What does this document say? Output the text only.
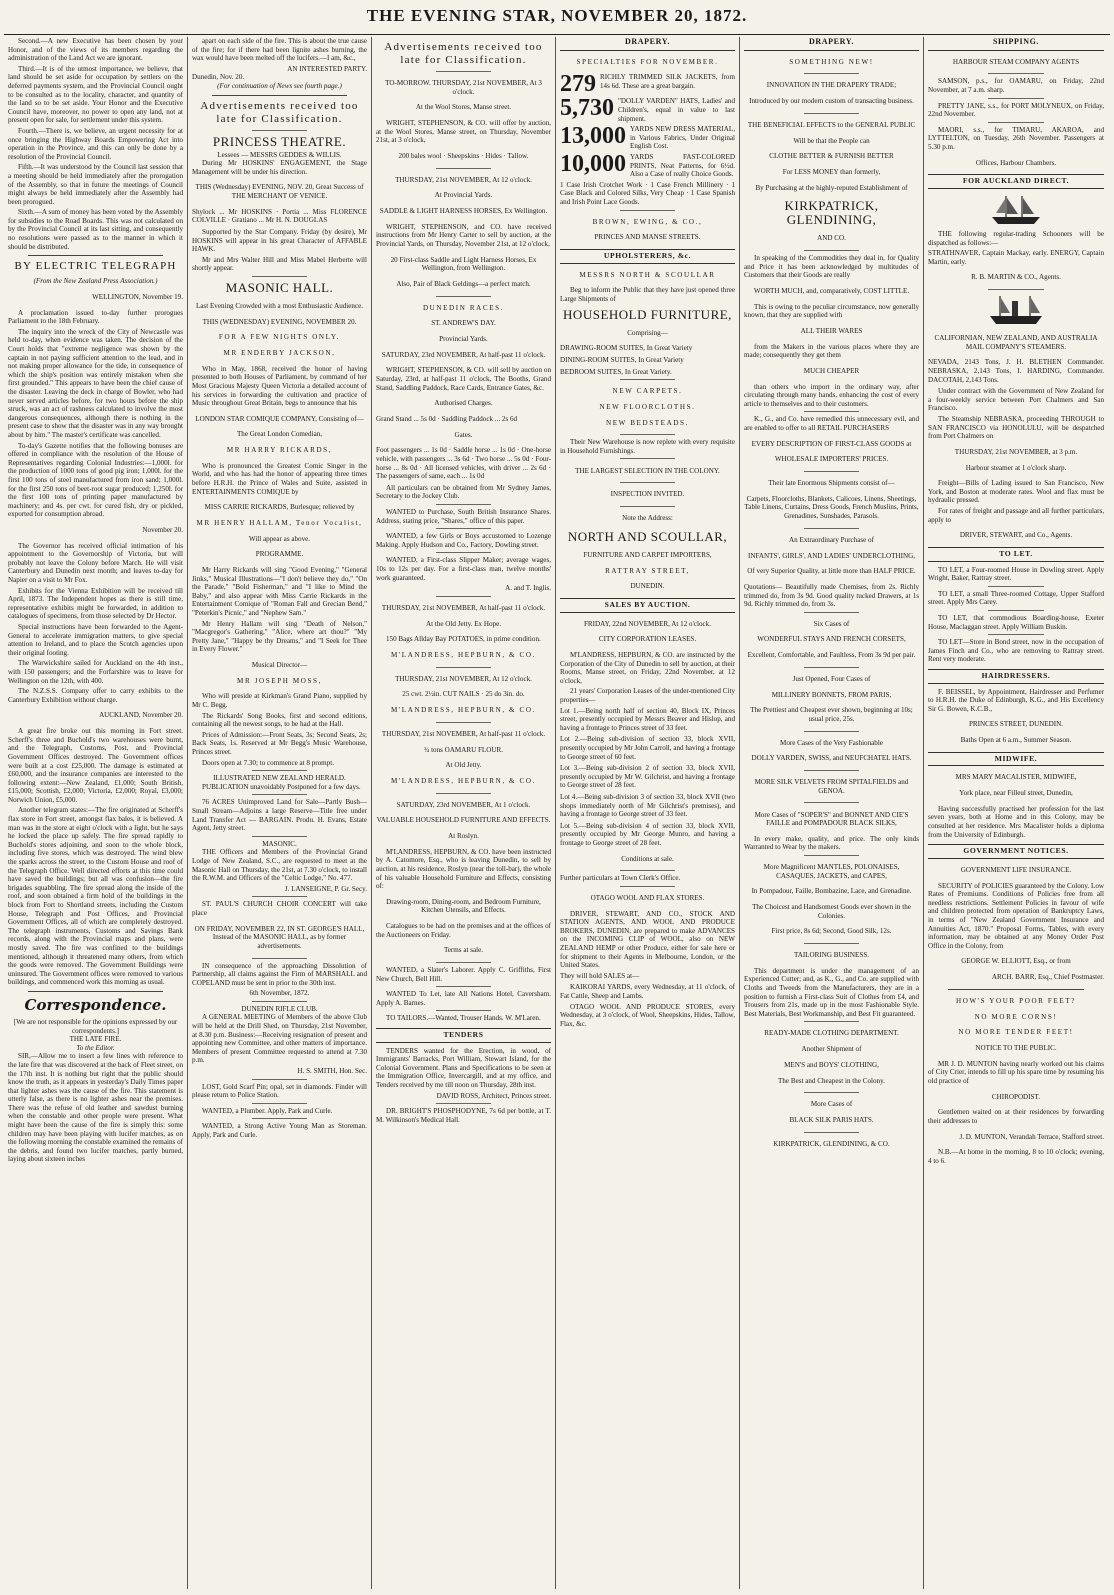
THE EVENING STAR, NOVEMBER 20, 1872.

Second.—A new Executive has been chosen by your Honor, and of the views of its members regarding the administration of the Land Act we are ignorant.

Third.—It is of the utmost importance, we believe, that land should be set aside for occupation by settlers on the deferred payments system, and the Provincial Council ought to be consulted as to the locality, character, and quantity of the land so to be set aside. Your Honor and the Executive Council have, moreover, no power to open any land, not at present open for sale, for settlement under this system.

Fourth.—There is, we believe, an urgent necessity for at once bringing the Highway Boards Empowering Act into operation in the Province, and this can only be done by a resolution of the Provincial Council.

Fifth.—It was understood by the Council last session that a meeting should be held immediately after the prorogation of the Assembly, so that in future the meetings of Council might always be held immediately after the Assembly had been prorogued.

Sixth.—A sum of money has been voted by the Assembly for subsidies to the Road Boards. This was not calculated on by the Provincial Council at its last sitting, and consequently no resolutions were passed as to the manner in which it should be distributed.

BY ELECTRIC TELEGRAPH
(From the New Zealand Press Association.)

WELLINGTON, November 19.

A proclamation issued to-day further prorogues Parliament to the 18th February.

The inquiry into the wreck of the City of Newcastle was held to-day, when evidence was taken. The decision of the Court holds that "extreme negligence was shown by the captain in not paying sufficient attention to the lead, and in not making proper allowance for the tide, in consequence of which the ship's position was entirely mistaken when she first grounded." This appears to have been the chief cause of the disaster. Leaving the deck in charge of Bowler, who had never served articles before, for two hours before the ship struck, was an act of rashness calculated to involve the most dangerous consequences, although there is nothing in the present case to show that the disaster was in any way brought about by him." The master's certificate was cancelled.

To-day's Gazette notifies that the following bonuses are offered in compliance with the resolution of the House of Representatives regarding Colonial Industries:—1,000l. for the production of 1000 tons of good pig iron; 1,000l. for the first 100 tons of steel manufactured from iron sand; 1,000l. for the first 250 tons of beet-root sugar produced; 1,250l. for the first 100 tons of printing paper manufactured by machinery; and 4s. per cwt. for cured fish, dry or pickled, exported for consumption abroad.

November 20.

The Governor has received official intimation of his appointment to the Governorship of Victoria, but will probably not leave the Colony before March. He will visit Canterbury and Dunedin next month; and leaves to-day for Napier on a visit to Mr Fox.

Exhibits for the Vienna Exhibition will be received till April, 1873. The Independent hopes as there is still time, representative exhibits might be forwarded, in addition to catalogues of specimens, from those selected by Dr Hector.

Special instructions have been forwarded to the Agent-General to accelerate immigration matters, to give special attention to Ireland, and to place the Scotch agencies upon their original footing.

The Warwickshire sailed for Auckland on the 4th inst., with 150 passengers; and the Forfarshire was to leave for Wellington on the 12th, with 400.

The N.Z.S.S. Company offer to carry exhibits to the Canterbury Exhibition without charge.

AUCKLAND, November 20.

A great fire broke out this morning in Fort street. Scherff's three and Buchold's two warehouses were burnt, and the Telegraph, Customs, Post, and Provincial Government Offices destroyed. The Government offices were built at a cost £25,000. The damage is estimated at £60,000, and the insurance companies are interested to the following extent:—New Zealand, £1,000; South British, £15,000; Scottish, £2,000; Victoria, £2,000; Royal, £3,000; Norwich Union, £5,000.

Another telegram states:—The fire originated at Scherff's flax store in Fort street, amongst flax bales, it is believed. A man was in the store at eight o'clock with a light, but he says he locked the place up safely. The fire spread rapidly to Buchold's stores adjoining, and soon to the whole block, including five stores, which was destroyed. The wind blew the sparks across the street, to the Custom House and roof of the Telegraph Office. Well directed efforts at this time could have saved the buildings; but all was confusion—the fire brigades squabbling. The fire spread along the inside of the roof, and soon obtained a firm hold of the buildings in the block from Fort to Shortland streets, including the Custom House, Telegraph and Post Offices, and Provincial Government Offices, all of which are completely destroyed. The telegraph instruments, Customs and Savings Bank records, along with the Provincial maps and plans, were mostly saved. The fire was confined to the buildings mentioned, although it threatened many others, from which the goods were removed. The Government Buildings were uninsured. The Government offices were removed to various buildings, and commenced work this morning as usual.

Correspondence.
[We are not responsible for the opinions expressed by our correspondents.]
THE LATE FIRE.
To the Editor.

SIR,—Allow me to insert a few lines with reference to the late fire that was discovered at the back of Fleet street, on the 17th inst. It is nothing but right that the public should know the truth, as it appears in yesterday's Daily Times paper that lighter ashes was the cause of the fire. This statement is utterly false, as there is no lighter ashes near the premises. There was the refuse of old leather and sawdust burning when the constable and other people were present. What might have been the cause of the fire is simply this: some children may have been playing with lucifer matches, as on the following morning the constable examined the remains of the debris, and found two lucifer matches, partly burned, laying about sixteen inches

apart on each side of the fire. This is about the true cause of the fire; for if there had been lignite ashes burning, the wax would have been melted off the lucifers.—I am, &c.,

AN INTERESTED PARTY.
Dunedin, Nov. 20.
(For continuation of News see fourth page.)
Advertisements received too late for Classification.
PRINCESS THEATRE.
Lessees — MESSRS GEDDES & WILLIS.

During Mr HOSKINS' ENGAGEMENT, the Stage Management will be under his direction.

THIS (Wednesday) EVENING, NOV. 20, Great Success of THE MERCHANT OF VENICE.

Shylock ... Mr HOSKINS · Portia ... Miss FLORENCE COLVILLE · Gratiano ... Mr H. N. DOUGLAS

Supported by the Star Company. Friday (by desire), Mr HOSKINS will appear in his great Character of AFFABLE HAWK.

Mr and Mrs Walter Hill and Miss Mabel Herberte will shortly appear.

MASONIC HALL.

Last Evening Crowded with a most Enthusiastic Audience.

THIS (WEDNESDAY) EVENING, NOVEMBER 20.

FOR A FEW NIGHTS ONLY.

MR ENDERBY JACKSON,

Who in May, 1868, received the honor of having presented to both Houses of Parliament, by command of her Most Gracious Majesty Queen Victoria a detailed account of his services in forwarding the cultivation and practice of Music throughout Great Britain, begs to announce that his

LONDON STAR COMIQUE COMPANY, Consisting of—

The Great London Comedian,

MR HARRY RICKARDS,

Who is pronounced the Greatest Comic Singer in the World, and who has had the honor of appearing three times before H.R.H. the Prince of Wales and Suite, assisted in ENTERTAINMENTS COMIQUE by

MISS CARRIE RICKARDS, Burlesque; relieved by

MR HENRY HALLAM, Tenor Vocalist,

Will appear as above.

PROGRAMME.

Mr Harry Rickards will sing "Good Evening," "General Jinks," Musical Illustrations—"I don't believe they do," "On the Parade," "Bold Fisherman," and "I like to Mind the Baby," and also appear with Miss Carrie Rickards in the Entertainment Comique of "Roman Fall and Grecian Bend," "Peterkin's Picnic," and "Nephew Sam."

Mr Henry Hallam will sing "Death of Nelson," "Macgregor's Gathering," "Alice, where art thou?" "My Pretty Jane," "Happy be thy Dreams," and "I Seek for Thee in Every Flower."

Musical Director—

MR JOSEPH MOSS,

Who will preside at Kirkman's Grand Piano, supplied by Mr C. Begg.

The Rickards' Song Books, first and second editions, containing all the newest songs, to be had at the Hall.

Prices of Admission:—Front Seats, 3s; Second Seats, 2s; Back Seats, 1s. Reserved at Mr Begg's Music Warehouse, Princes street.

Doors open at 7.30; to commence at 8 prompt.

ILLUSTRATED NEW ZEALAND HERALD.

PUBLICATION unavoidably Postponed for a few days.

76 ACRES Unimproved Land for Sale—Partly Bush—Small Stream—Adjoins a large Reserve—Title free under Land Transfer Act — BARGAIN. Produ. H. Evans, Estate Agent, Jetty street.

MASONIC.

THE Officers and Members of the Provincial Grand Lodge of New Zealand, S.C., are requested to meet at the Masonic Hall on Thursday, the 21st, at 7.30 o'clock, to install the R.W.M. and Officers of the "Celtic Lodge," No. 477.

J. LANSEIGNE, P. Gr. Secy.

ST. PAUL'S CHURCH CHOIR CONCERT will take place

ON FRIDAY, NOVEMBER 22, IN ST. GEORGE'S HALL, Instead of the MASONIC HALL, as by former advertisements.

IN consequence of the approaching Dissolution of Partnership, all claims against the Firm of MARSHALL and COPELAND must be sent in prior to the 30th inst.

6th November, 1872.
DUNEDIN RIFLE CLUB.

A GENERAL MEETING of Members of the above Club will be held at the Drill Shed, on Thursday, 21st November, at 8.30 p.m. Business:—Receiving resignation of present and appointing new Committee, and other matters of importance. Members of present Committee requested to attend at 7.30 p.m.

H. S. SMITH, Hon. Sec.

LOST, Gold Scarf Pin; opal, set in diamonds. Finder will please return to Police Station.

WANTED, a Plumber. Apply, Park and Curle.

WANTED, a Strong Active Young Man as Storeman. Apply, Park and Curle.

Advertisements received too late for Classification.

TO-MORROW. THURSDAY, 21st NOVEMBER, At 3 o'clock.

At the Wool Stores, Manse street.

WRIGHT, STEPHENSON, & CO. will offer by auction, at the Wool Stores, Manse street, on Thursday, November 21st, at 3 o'clock,

200 bales wool · Sheepskins · Hides · Tallow.

THURSDAY, 21st NOVEMBER, At 12 o'clock.

At Provincial Yards.

SADDLE & LIGHT HARNESS HORSES, Ex Wellington.

WRIGHT, STEPHENSON, and CO. have received instructions from Mr Henry Carter to sell by auction, at the Provincial Yards, on Thursday, November 21st, at 12 o'clock,

20 First-class Saddle and Light Harness Horses, Ex Wellington, from Wellington.

Also, Pair of Black Geldings—a perfect match.

DUNEDIN RACES.

ST. ANDREW'S DAY.

Provincial Yards.

SATURDAY, 23rd NOVEMBER, At half-past 11 o'clock.

WRIGHT, STEPHENSON, & CO. will sell by auction on Saturday, 23rd, at half-past 11 o'clock, The Booths, Grand Stand, Saddling Paddock, Race Cards, Entrance Gates, &c.

Authorised Charges.

Grand Stand ... 5s 0d · Saddling Paddock ... 2s 6d

Gates.

Foot passengers ... 1s 0d · Saddle horse ... 1s 0d · One-horse vehicle, with passengers ... 3s 6d · Two horse ... 5s 0d · Four-horse ... 8s 0d · All licensed vehicles, with driver ... 2s 6d · The passengers of same, each ... 1s 0d

All particulars can be obtained from Mr Sydney James, Secretary to the Jockey Club.

WANTED to Purchase, South British Insurance Shares. Address, stating price, "Shares," office of this paper.

WANTED, a few Girls or Boys accustomed to Lozenge Making. Apply Hudson and Co., Factory, Dowling street.

WANTED, a First-class Slipper Maker; average wages, 10s to 12s per day. For a first-class man, twelve months' work guaranteed.

A. and T. Inglis.

THURSDAY, 21st NOVEMBER, At half-past 11 o'clock.

At the Old Jetty. Ex Hope.

150 Bags Allday Bay POTATOES, in prime condition.

M'LANDRESS, HEPBURN, & CO.

THURSDAY, 21st NOVEMBER, At 12 o'clock.

25 cwt. 2½in. CUT NAILS · 25 do 3in. do.

M'LANDRESS, HEPBURN, & CO.

THURSDAY, 21st NOVEMBER, At half-past 11 o'clock.

¾ tons OAMARU FLOUR.

At Old Jetty.

M'LANDRESS, HEPBURN, & CO.

SATURDAY, 23rd NOVEMBER, At 1 o'clock.

VALUABLE HOUSEHOLD FURNITURE AND EFFECTS.

At Roslyn.

M'LANDRESS, HEPBURN, & CO. have been instructed by A. Catomore, Esq., who is leaving Dunedin, to sell by auction, at his residence, Roslyn (near the toll-bar), the whole of his valuable Household Furniture and Effects, consisting of:

Drawing-room, Dining-room, and Bedroom Furniture, Kitchen Utensils, and Effects.

Catalogues to be had on the premises and at the offices of the Auctioneers on Friday.

Terms at sale.

WANTED, a Slater's Laborer. Apply C. Griffiths, First New Church, Bell Hill.

WANTED To Let, late All Nations Hotel, Caversham. Apply A. Barnes.

TO TAILORS.—Wanted, Trouser Hands. W. M'Laren.

TENDERS

TENDERS wanted for the Erection, in wood, of Immigrants' Barracks, Port William, Stewart Island, for the Colonial Government. Plans and Specifications to be seen at the Immigration Office, Invercargill, and at my office, and Tenders received by me till noon on Thursday, 28th inst.

DAVID ROSS, Architect, Princes street.

DR. BRIGHT'S PHOSPHODYNE, 7s 6d per bottle, at T. M. Wilkinson's Medical Hall.

DRAPERY.

SPECIALTIES FOR NOVEMBER.

279 RICHLY TRIMMED SILK JACKETS, from 14s 6d. These are a great bargain.
5,730 "DOLLY VARDEN" HATS, Ladies' and Children's, equal in value to last shipment.
13,000 YARDS NEW DRESS MATERIAL, in Various Fabrics, Under Original English Cost.
10,000 YARDS FAST-COLORED PRINTS, Neat Patterns, for 6½d. Also a Case of really Choice Goods.

1 Case Irish Crotchet Work · 1 Case French Millinery · 1 Case Black and Colored Silks, Very Cheap · 1 Case Spanish and Irish Point Lace Goods.

BROWN, EWING, & CO.,

PRINCES AND MANSE STREETS.

UPHOLSTERERS, &c.

MESSRS NORTH & SCOULLAR

Beg to inform the Public that they have just opened three Large Shipments of

HOUSEHOLD FURNITURE,

Comprising—

DRAWING-ROOM SUITES, In Great Variety

DINING-ROOM SUITES, In Great Variety

BEDROOM SUITES, In Great Variety.

NEW CARPETS.

NEW FLOORCLOTHS.

NEW BEDSTEADS.

Their New Warehouse is now replete with every requisite in Household Furnishings.

THE LARGEST SELECTION IN THE COLONY.

INSPECTION INVITED.

Note the Address:

NORTH AND SCOULLAR,

FURNITURE AND CARPET IMPORTERS,

RATTRAY STREET,

DUNEDIN.

SALES BY AUCTION.

FRIDAY, 22nd NOVEMBER, At 12 o'clock.

CITY CORPORATION LEASES.

M'LANDRESS, HEPBURN, & CO. are instructed by the Corporation of the City of Dunedin to sell by auction, at their Rooms, Manse street, on Friday, 22nd November, at 12 o'clock,

21 years' Corporation Leases of the under-mentioned City properties—

Lot 1.—Being north half of section 40, Block IX, Princes street, presently occupied by Messrs Beaver and Hislop, and having a frontage to Princes street of 33 feet.

Lot 2.—Being sub-division of section 33, block XVII, presently occupied by Mr John Carroll, and having a frontage to George street of 60 feet.

Lot 3.—Being sub-division 2 of section 33, block XVII, presently occupied by Mr W. Gilchrist, and having a frontage to George street of 28 feet.

Lot 4.—Being sub-division 3 of section 33, block XVII (two shops immediately north of Mr Gilchrist's premises), and having a frontage to George street of 33 feet.

Lot 5.—Being sub-division 4 of section 33, block XVII, presently occupied by Mr George Munro, and having a frontage to George street of 28 feet.

Conditions at sale.

Further particulars at Town Clerk's Office.

OTAGO WOOL AND FLAX STORES.

DRIVER, STEWART, AND CO., STOCK AND STATION AGENTS, AND WOOL AND PRODUCE BROKERS, DUNEDIN, are prepared to make ADVANCES on the INCOMING CLIP of WOOL, also on NEW ZEALAND HEMP or other Produce, either for sale here or for shipment to their Agents in Melbourne, London, or the United States.

They will hold SALES at—

KAIKORAI YARDS, every Wednesday, at 11 o'clock, of Fat Cattle, Sheep and Lambs.

OTAGO WOOL AND PRODUCE STORES, every Wednesday, at 3 o'clock, of Wool, Sheepskins, Hides, Tallow, Flax, &c.

DRAPERY.

SOMETHING NEW!

INNOVATION IN THE DRAPERY TRADE;

Introduced by our modern custom of transacting business.

THE BENEFICIAL EFFECTS to the GENERAL PUBLIC

Will be that the People can

CLOTHE BETTER & FURNISH BETTER

For LESS MONEY than formerly,

By Purchasing at the highly-reputed Establishment of

KIRKPATRICK, GLENDINING,

AND CO.

In speaking of the Commodities they deal in, for Quality and Price it has been acknowledged by multitudes of Customers that their Goods are really

WORTH MUCH, and, comparatively, COST LITTLE.

This is owing to the peculiar circumstance, now generally known, that they are supplied with

ALL THEIR WARES

from the Makers in the various places where they are made; consequently they get them

MUCH CHEAPER

than others who import in the ordinary way, after circulating through many hands, enhancing the cost of every article to themselves and to their customers.

K., G., and Co. have remedied this unnecessary evil, and are enabled to offer to all RETAIL PURCHASERS

EVERY DESCRIPTION OF FIRST-CLASS GOODS at

WHOLESALE IMPORTERS' PRICES.

Their late Enormous Shipments consist of—

Carpets, Floorcloths, Blankets, Calicoes, Linens, Sheetings, Table Linens, Curtains, Dress Goods, French Muslins, Prints, Grenadines, Sunshades, Parasols.

An Extraordinary Purchase of

INFANTS', GIRLS', AND LADIES' UNDERCLOTHING,

Of very Superior Quality, at little more than HALF PRICE.

Quotations— Beautifully made Chemises, from 2s. Richly trimmed do, from 3s 9d. Good quality tucked Drawers, at 1s 9d. Richly trimmed do, from 3s.

Six Cases of

WONDERFUL STAYS AND FRENCH CORSETS,

Excellent, Comfortable, and Faultless, From 3s 9d per pair.

Just Opened, Four Cases of

MILLINERY BONNETS, FROM PARIS,

The Prettiest and Cheapest ever shown, beginning at 10s; usual price, 25s.

More Cases of the Very Fashionable

DOLLY VARDEN, SWISS, and NEUFCHATEL HATS.

MORE SILK VELVETS FROM SPITALFIELDS and GENOA.

More Cases of "SOPER'S" and BONNET AND CIE'S FAILLE and POMPADOUR BLACK SILKS,

In every make, quality, and price. The only kinds Warranted to Wear by the makers.

More Magnificent MANTLES, POLONAISES, CASAQUES, JACKETS, and CAPES,

In Pompadour, Faille, Bombazine, Lace, and Grenadine.

The Choicest and Handsomest Goods ever shown in the Colonies.

First price, 8s 6d; Second, Good Silk, 12s.

TAILORING BUSINESS.

This department is under the management of an Experienced Cutter; and, as K., G., and Co. are supplied with Cloths and Tweeds from the Manufacturers, they are in a position to furnish a First-class Suit of Clothes from £4, and Trousers from 21s, made up in the most Fashionable Style. Best Materials, Best Workmanship, and Best Fit guaranteed.

READY-MADE CLOTHING DEPARTMENT.

Another Shipment of

MEN'S and BOYS' CLOTHING,

The Best and Cheapest in the Colony.

More Cases of

BLACK SILK PARIS HATS.

KIRKPATRICK, GLENDINING, & CO.

SHIPPING.

HARBOUR STEAM COMPANY AGENTS

SAMSON, p.s., for OAMARU, on Friday, 22nd November, at 7 a.m. sharp.

PRETTY JANE, s.s., for PORT MOLYNEUX, on Friday, 22nd November.

MAORI, s.s., for TIMARU, AKAROA, and LYTTELTON, on Tuesday, 26th November. Passengers at 5.30 p.m.

Offices, Harbour Chambers.

FOR AUCKLAND DIRECT.

THE following regular-trading Schooners will be dispatched as follows:—

STRATHNAVER, Captain Mackay, early. ENERGY, Captain Martin, early.

R. B. MARTIN & CO., Agents.

CALIFORNIAN, NEW ZEALAND, AND AUSTRALIA MAIL COMPANY'S STEAMERS.

NEVADA, 2143 Tons, J. H. BLETHEN Commander. NEBRASKA, 2,143 Tons, I. HARDING, Commander. DACOTAH, 2,143 Tons.

Under contract with the Government of New Zealand for a four-weekly service between Port Chalmers and San Francisco.

The Steamship NEBRASKA, proceeding THROUGH to SAN FRANCISCO via HONOLULU, will be despatched from Port Chalmers on

THURSDAY, 21st NOVEMBER, at 3 p.m.

Harbour steamer at 1 o'clock sharp.

Freight—Bills of Lading issued to San Francisco, New York, and Boston at moderate rates. Wool and flax must be hydraulic pressed.

For rates of freight and passage and all further particulars, apply to

DRIVER, STEWART, and Co., Agents.

TO LET.

TO LET, a Four-roomed House in Dowling street. Apply Wright, Baker, Rattray street.

TO LET, a small Three-roomed Cottage, Upper Stafford street. Apply Mrs Carey.

TO LET, that commodious Boarding-house, Exeter House, Maclaggan street. Apply William Buskin.

TO LET—Store in Bond street, now in the occupation of James Finch and Co., who are removing to Rattray street. Rent very moderate.

HAIRDRESSERS.

F. BEISSEL, by Appointment, Hairdresser and Perfumer to H.R.H. the Duke of Edinburgh, K.G., and His Excellency Sir G. Bowen, K.C.B.,

PRINCES STREET, DUNEDIN.

Baths Open at 6 a.m., Summer Season.

MIDWIFE.

MRS MARY MACALISTER, MIDWIFE,

York place, near Filleul street, Dunedin,

Having successfully practised her profession for the last seven years, both at Home and in this Colony, may be consulted at her residence. Mrs Macalister holds a diploma from the University of Edinburgh.

GOVERNMENT NOTICES.

GOVERNMENT LIFE INSURANCE.

SECURITY of POLICIES guaranteed by the Colony. Low Rates of Premiums. Conditions of Policies free from all needless restrictions. Settlement Policies in favour of wife and children protected from operation of Bankruptcy Laws, in terms of "New Zealand Government Insurance and Annuities Act, 1870." Proposal Forms, Tables, with every information, may be obtained at any Money Order Post Office in the Colony, from

GEORGE W. ELLIOTT, Esq., or from

ARCH. BARR, Esq., Chief Postmaster.

HOW'S YOUR POOR FEET?

NO MORE CORNS!

NO MORE TENDER FEET!

NOTICE TO THE PUBLIC.

MR J. D. MUNTON having nearly worked out his claims of City Crier, intends to fill up his spare time by resuming his old practice of

CHIROPODIST.

Gentlemen waited on at their residences by forwarding their addresses to

J. D. MUNTON, Verandah Terrace, Stafford street.

N.B.—At home in the morning, 8 to 10 o'clock; evening, 4 to 6.
